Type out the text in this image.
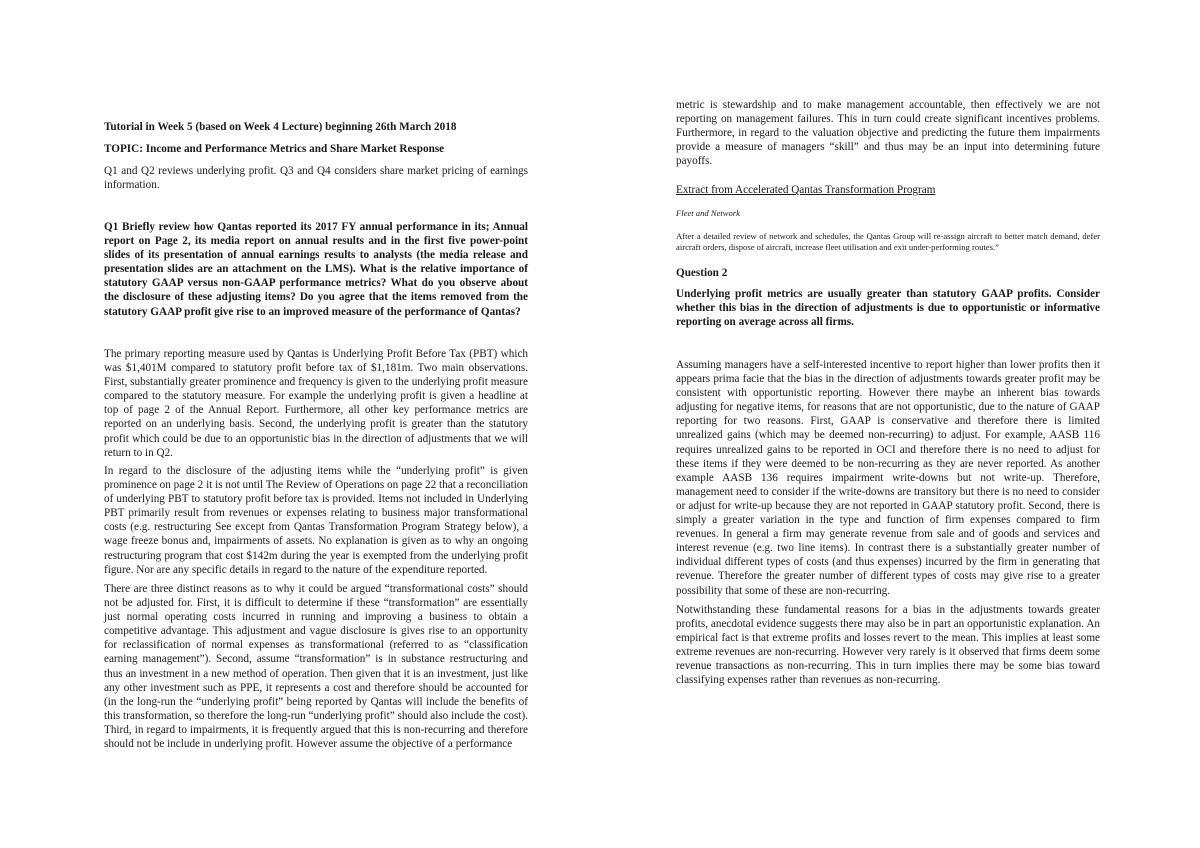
Tutorial in Week 5 (based on Week 4 Lecture) beginning 26th March 2018

TOPIC: Income and Performance Metrics and Share Market Response

Q1 and Q2 reviews underlying profit. Q3 and Q4 considers share market pricing of earnings information.

Q1 Briefly review how Qantas reported its 2017 FY annual performance in its; Annual report on Page 2, its media report on annual results and in the first five power-point slides of its presentation of annual earnings results to analysts (the media release and presentation slides are an attachment on the LMS). What is the relative importance of statutory GAAP versus non-GAAP performance metrics? What do you observe about the disclosure of these adjusting items? Do you agree that the items removed from the statutory GAAP profit give rise to an improved measure of the performance of Qantas?

The primary reporting measure used by Qantas is Underlying Profit Before Tax (PBT) which was $1,401M compared to statutory profit before tax of $1,181m. Two main observations. First, substantially greater prominence and frequency is given to the underlying profit measure compared to the statutory measure. For example the underlying profit is given a headline at top of page 2 of the Annual Report. Furthermore, all other key performance metrics are reported on an underlying basis. Second, the underlying profit is greater than the statutory profit which could be due to an opportunistic bias in the direction of adjustments that we will return to in Q2.

In regard to the disclosure of the adjusting items while the “underlying profit” is given prominence on page 2 it is not until The Review of Operations on page 22 that a reconciliation of underlying PBT to statutory profit before tax is provided. Items not included in Underlying PBT primarily result from revenues or expenses relating to business major transformational costs (e.g. restructuring See except from Qantas Transformation Program Strategy below), a wage freeze bonus and, impairments of assets. No explanation is given as to why an ongoing restructuring program that cost $142m during the year is exempted from the underlying profit figure. Nor are any specific details in regard to the nature of the expenditure reported.

There are three distinct reasons as to why it could be argued “transformational costs” should not be adjusted for. First, it is difficult to determine if these “transformation” are essentially just normal operating costs incurred in running and improving a business to obtain a competitive advantage. This adjustment and vague disclosure is gives rise to an opportunity for reclassification of normal expenses as transformational (referred to as “classification earning management”). Second, assume “transformation” is in substance restructuring and thus an investment in a new method of operation. Then given that it is an investment, just like any other investment such as PPE, it represents a cost and therefore should be accounted for (in the long-run the “underlying profit” being reported by Qantas will include the benefits of this transformation, so therefore the long-run “underlying profit” should also include the cost). Third, in regard to impairments, it is frequently argued that this is non-recurring and therefore should not be include in underlying profit. However assume the objective of a performance

metric is stewardship and to make management accountable, then effectively we are not reporting on management failures. This in turn could create significant incentives problems. Furthermore, in regard to the valuation objective and predicting the future them impairments provide a measure of managers “skill” and thus may be an input into determining future payoffs.

Extract from Accelerated Qantas Transformation Program

Fleet and Network

After a detailed review of network and schedules, the Qantas Group will re-assign aircraft to better match demand, defer aircraft orders, dispose of aircraft, increase fleet utilisation and exit under-performing routes.”

Question 2

Underlying profit metrics are usually greater than statutory GAAP profits. Consider whether this bias in the direction of adjustments is due to opportunistic or informative reporting on average across all firms.

Assuming managers have a self-interested incentive to report higher than lower profits then it appears prima facie that the bias in the direction of adjustments towards greater profit may be consistent with opportunistic reporting. However there maybe an inherent bias towards adjusting for negative items, for reasons that are not opportunistic, due to the nature of GAAP reporting for two reasons. First, GAAP is conservative and therefore there is limited unrealized gains (which may be deemed non-recurring) to adjust. For example, AASB 116 requires unrealized gains to be reported in OCI and therefore there is no need to adjust for these items if they were deemed to be non-recurring as they are never reported. As another example AASB 136 requires impairment write-downs but not write-up. Therefore, management need to consider if the write-downs are transitory but there is no need to consider or adjust for write-up because they are not reported in GAAP statutory profit. Second, there is simply a greater variation in the type and function of firm expenses compared to firm revenues. In general a firm may generate revenue from sale and of goods and services and interest revenue (e.g. two line items). In contrast there is a substantially greater number of individual different types of costs (and thus expenses) incurred by the firm in generating that revenue. Therefore the greater number of different types of costs may give rise to a greater possibility that some of these are non-recurring.

Notwithstanding these fundamental reasons for a bias in the adjustments towards greater profits, anecdotal evidence suggests there may also be in part an opportunistic explanation. An empirical fact is that extreme profits and losses revert to the mean. This implies at least some extreme revenues are non-recurring. However very rarely is it observed that firms deem some revenue transactions as non-recurring. This in turn implies there may be some bias toward classifying expenses rather than revenues as non-recurring.
